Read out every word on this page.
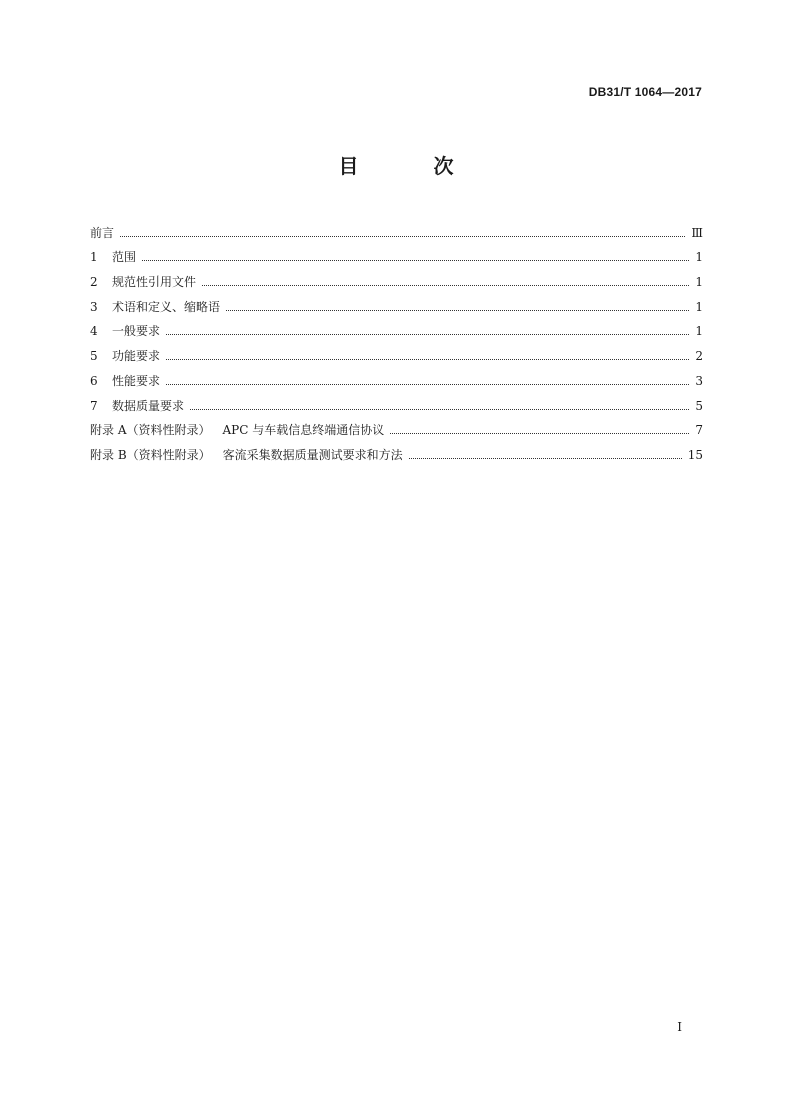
DB31/T 1064—2017
目 次
前言	Ⅲ
1	范围	1
2	规范性引用文件	1
3	术语和定义、缩略语	1
4	一般要求	1
5	功能要求	2
6	性能要求	3
7	数据质量要求	5
附录 A（资料性附录） APC 与车载信息终端通信协议	7
附录 B（资料性附录） 客流采集数据质量测试要求和方法	15
I
